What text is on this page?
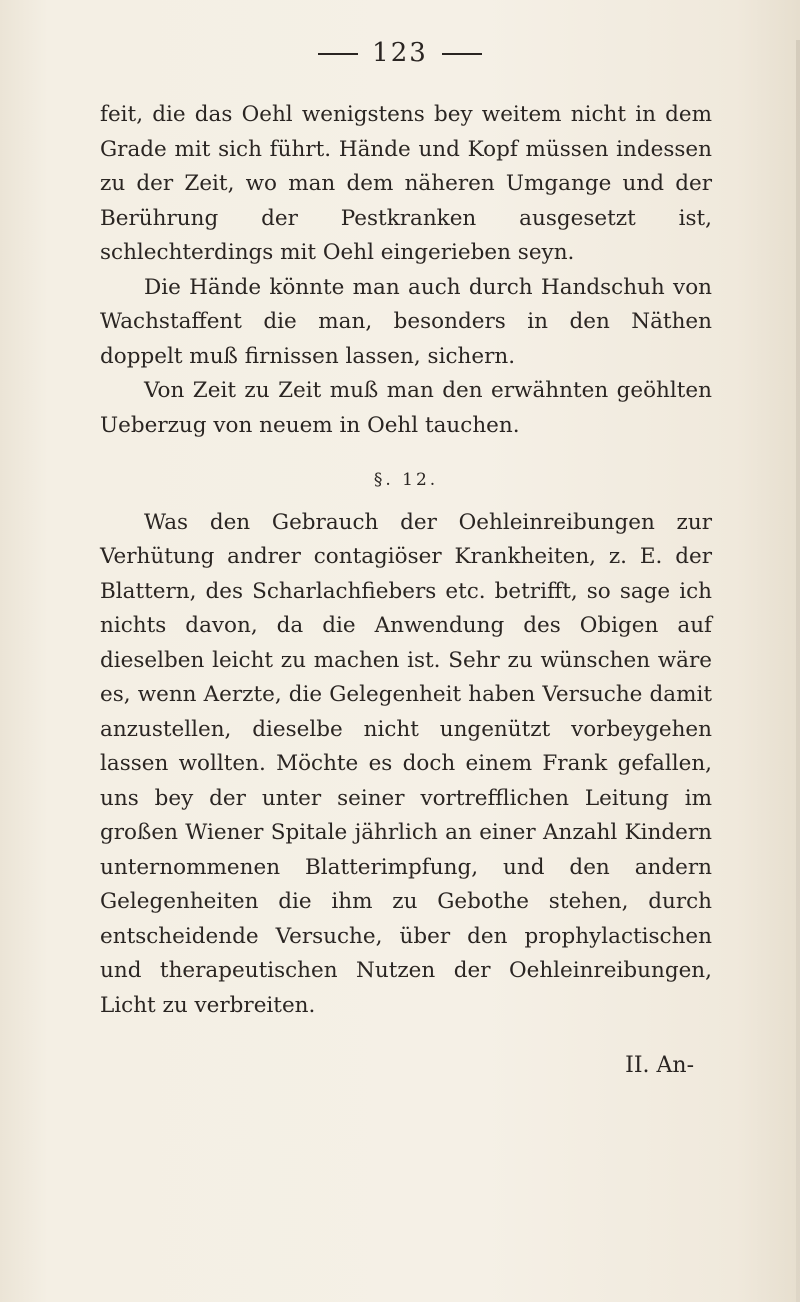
123

feit, die das Oehl wenigstens bey weitem nicht in dem Grade mit sich führt. Hände und Kopf müssen indessen zu der Zeit, wo man dem näheren Umgange und der Berührung der Pestkranken ausgesetzt ist, schlechterdings mit Oehl eingerieben seyn.

Die Hände könnte man auch durch Handschuh von Wachstaffent die man, besonders in den Näthen doppelt muß firnissen lassen, sichern.

Von Zeit zu Zeit muß man den erwähnten geöhlten Ueberzug von neuem in Oehl tauchen.

§. 12.

Was den Gebrauch der Oehleinreibungen zur Verhütung andrer contagiöser Krankheiten, z. E. der Blattern, des Scharlachfiebers etc. betrifft, so sage ich nichts davon, da die Anwendung des Obigen auf dieselben leicht zu machen ist. Sehr zu wünschen wäre es, wenn Aerzte, die Gelegenheit haben Versuche damit anzustellen, dieselbe nicht ungenützt vorbeygehen lassen wollten. Möchte es doch einem Frank gefallen, uns bey der unter seiner vortrefflichen Leitung im großen Wiener Spitale jährlich an einer Anzahl Kindern unternommenen Blatterimpfung, und den andern Gelegenheiten die ihm zu Gebothe stehen, durch entscheidende Versuche, über den prophylactischen und therapeutischen Nutzen der Oehleinreibungen, Licht zu verbreiten.

II. An-
